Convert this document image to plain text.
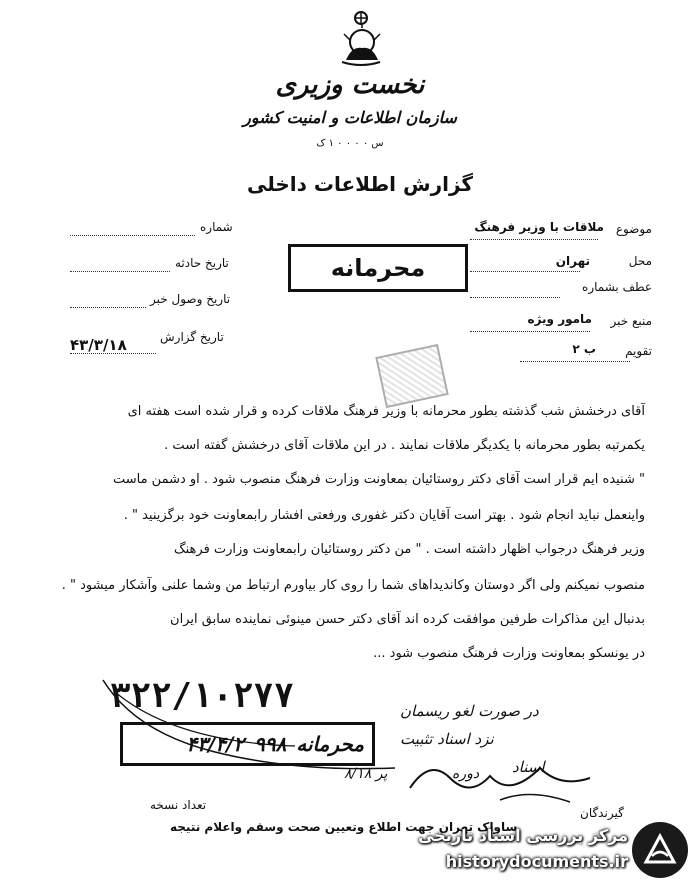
نخست وزیری
سازمان اطلاعات و امنیت کشور
س ۰ ۰ ۰ ۰ ۱ ک
گزارش اطلاعات داخلی
موضوع
ملاقات با وزیر فرهنگ
محل
تهران
عطف بشماره
منبع خبر
مامور ویژه
تقویم
ب ۲
شماره
تاریخ حادثه
تاریخ وصول خبر
تاریخ گزارش
۴۳/۳/۱۸
محرمانه
آقای درخشش شب گذشته بطور محرمانه با وزیر فرهنگ ملاقات کرده و قرار شده است هفته ای
یکمرتبه بطور محرمانه با یکدیگر ملاقات نمایند . در این ملاقات آقای درخشش گفته است .
" شنیده ایم قرار است آقای دکتر روستائیان بمعاونت وزارت فرهنگ منصوب شود . او دشمن ماست
واینعمل نباید انجام شود . بهتر است آقایان دکتر غفوری ورفعتی افشار رابمعاونت خود برگزینید " .
وزیر فرهنگ درجواب اظهار داشته است . " من دکتر روستائیان رابمعاونت وزارت فرهنگ
منصوب نمیکنم ولی اگر دوستان وکاندیداهای شما را روی کار بیاورم ارتباط من وشما علنی وآشکار میشود " .
بدنبال این مذاکرات طرفین موافقت کرده اند آقای دکتر حسن مینوئی نماینده سابق ایران
در یونسکو بمعاونت وزارت فرهنگ منصوب شود ...
۳۲۲/۱۰۲۷۷
محرمانه
۹۹۸
۴۳/۴/۲
در صورت لغو ریسمان
نزد اسناد تثبیت
اسناد
دوره
پر ۸/۱۸
تعداد نسخه
گیرندگان
ساواک تهران جهت اطلاع وتعیین صحت وسقم واعلام نتیجه
مرکز بررسی اسناد تاریخی
historydocuments.ir
